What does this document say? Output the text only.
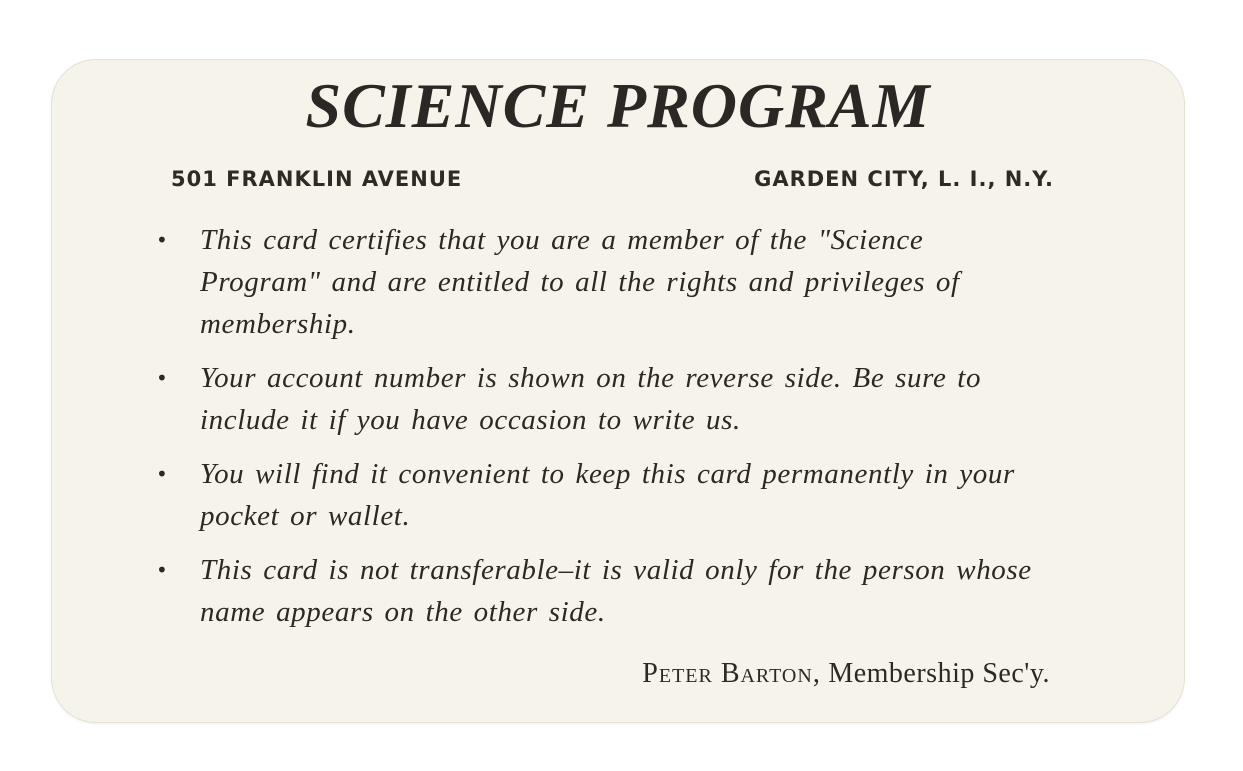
SCIENCE PROGRAM
501 FRANKLIN AVENUE	GARDEN CITY, L. I., N.Y.
• This card certifies that you are a member of the "Science Program" and are entitled to all the rights and privileges of membership.
• Your account number is shown on the reverse side. Be sure to include it if you have occasion to write us.
• You will find it convenient to keep this card permanently in your pocket or wallet.
• This card is not transferable–it is valid only for the person whose name appears on the other side.
Peter Barton, Membership Sec'y.
